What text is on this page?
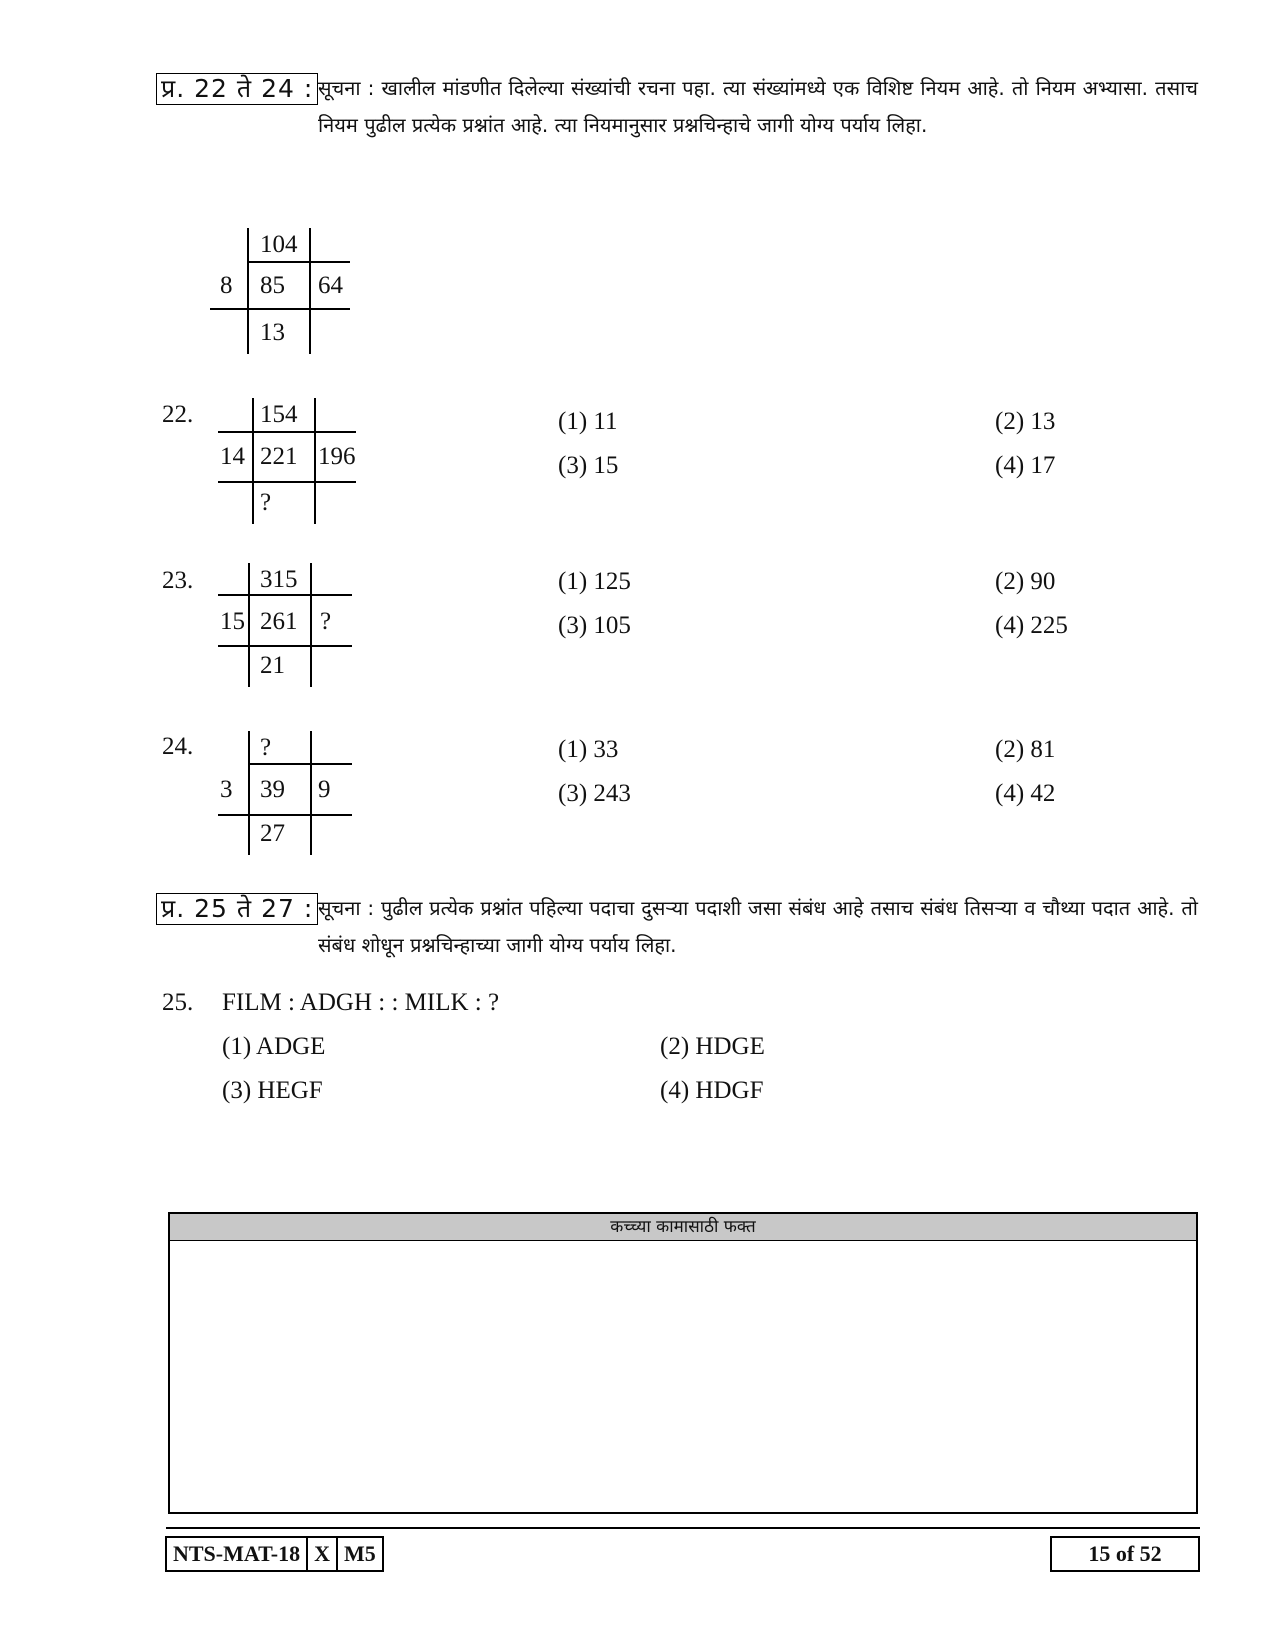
प्र. 22 ते 24 : सूचना : खालील मांडणीत दिलेल्या संख्यांची रचना पहा. त्या संख्यांमध्ये एक विशिष्ट नियम आहे. तो नियम अभ्यासा. तसाच नियम पुढील प्रत्येक प्रश्नांत आहे. त्या नियमानुसार प्रश्नचिन्हाचे जागी योग्य पर्याय लिहा.
104
8 85 64
13
22.	154
14 221 196
?
(1) 11	(2) 13
(3) 15	(4) 17
23.	315
15 261 ?
21
(1) 125	(2) 90
(3) 105	(4) 225
24.	?
3 39 9
27
(1) 33	(2) 81
(3) 243	(4) 42
प्र. 25 ते 27 : सूचना : पुढील प्रत्येक प्रश्नांत पहिल्या पदाचा दुसऱ्या पदाशी जसा संबंध आहे तसाच संबंध तिसऱ्या व चौथ्या पदात आहे. तो संबंध शोधून प्रश्नचिन्हाच्या जागी योग्य पर्याय लिहा.
25. FILM : ADGH : : MILK : ?
(1) ADGE	(2) HDGE
(3) HEGF	(4) HDGF
कच्च्या कामासाठी फक्त
NTS-MAT-18 X M5	15 of 52
